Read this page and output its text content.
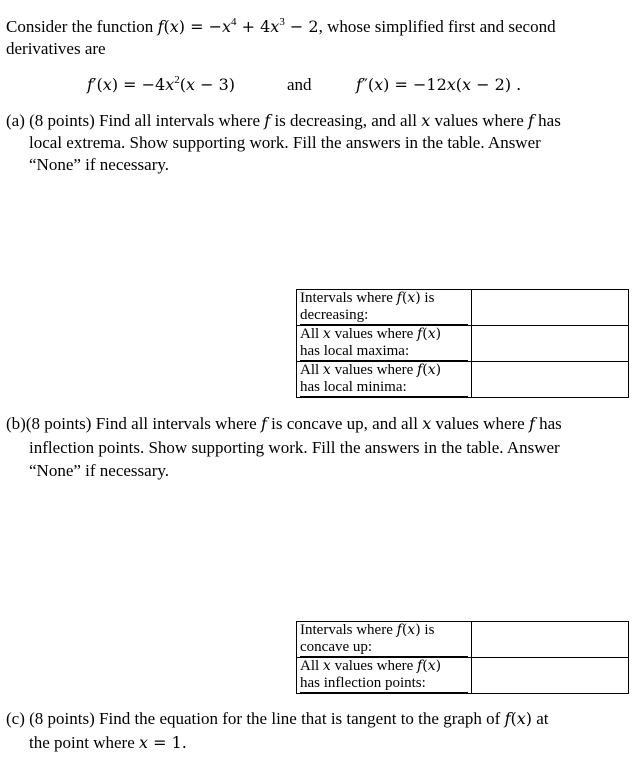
Consider the function $f(x) = -x^4 + 4x^3 - 2$, whose simplified first and second
derivatives are
$f'(x) = -4x^2(x - 3)$	and	f″(x) = −12x(x − 2) .
(a) (8 points) Find all intervals where f is decreasing, and all x values where f has
local extrema. Show supporting work. Fill the answers in the table. Answer
“None” if necessary.
Intervals where f(x) is

decreasing:	

All x values where f(x)

has local maxima:	

All x values where f(x)

has local minima:	

(b)(8 points) Find all intervals where f is concave up, and all x values where f has
inflection points. Show supporting work. Fill the answers in the table. Answer
“None” if necessary.
Intervals where f(x) is

concave up:	

All x values where f(x)

has inflection points:	

(c) (8 points) Find the equation for the line that is tangent to the graph of f(x) at
the point where x = 1.
